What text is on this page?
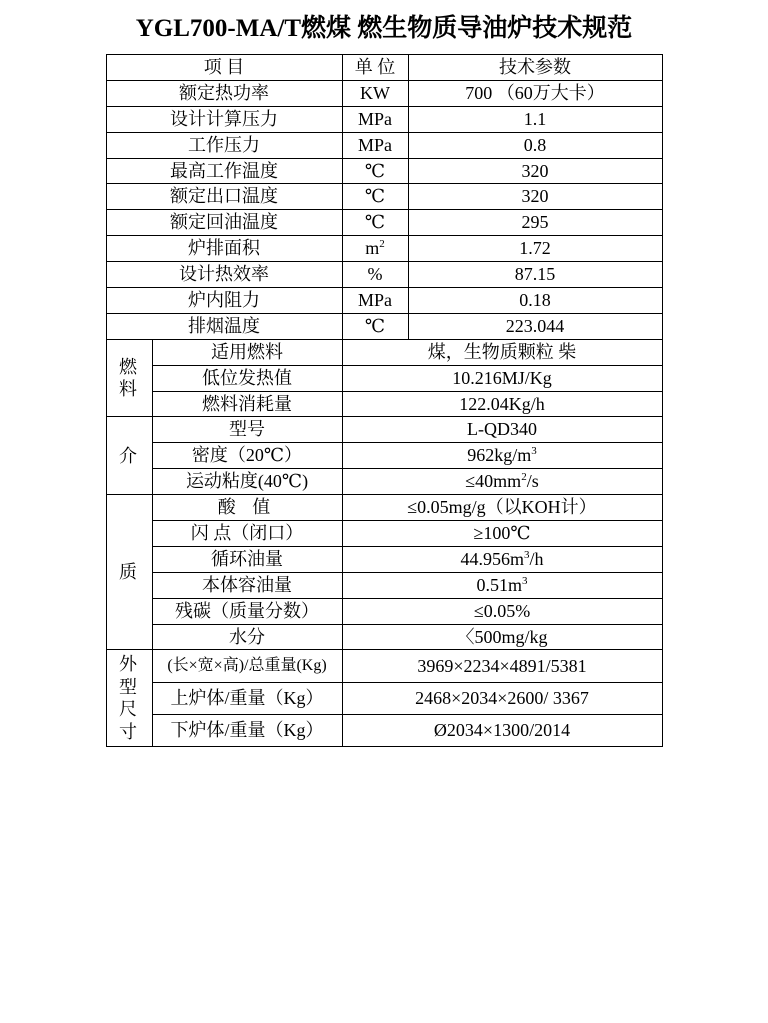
YGL700-MA/T燃煤 燃生物质导油炉技术规范
项 目		单 位	技术参数
额定热功率		KW	700 （60万大卡）
设计计算压力		MPa	1.1
工作压力		MPa	0.8
最高工作温度		℃	320
额定出口温度		℃	320
额定回油温度		℃	295
炉排面积		$m^2$	1.72
设计热效率		%	87.15
炉内阻力		MPa	0.18
排烟温度		℃	223.044

燃料	适用燃料	煤，生物质颗粒 柴	
	低位发热值	10.216MJ/Kg	
	燃料消耗量	122.04Kg/h	

介	型号	L-QD340	
	密度（20℃）	$962kg/m^3$
	运动粘度(40℃)	$\le 40mm^2/s$	

质	酸 值	≤0.05mg/g（以KOH计）	
	闪 点（闭口）	≥100℃	
	循环油量	$44.956m^3/h$	
	本体容油量	$0.51m^3$
	残碳（质量分数）	≤0.05%	
	水分	〈500mg/kg	

外型尺寸	(长×宽×高)/总重量(Kg)	3969×2234×4891/5381	
	上炉体/重量（Kg）	2468×2034×2600/ 3367	
	下炉体/重量（Kg）	Ø2034×1300/2014	
